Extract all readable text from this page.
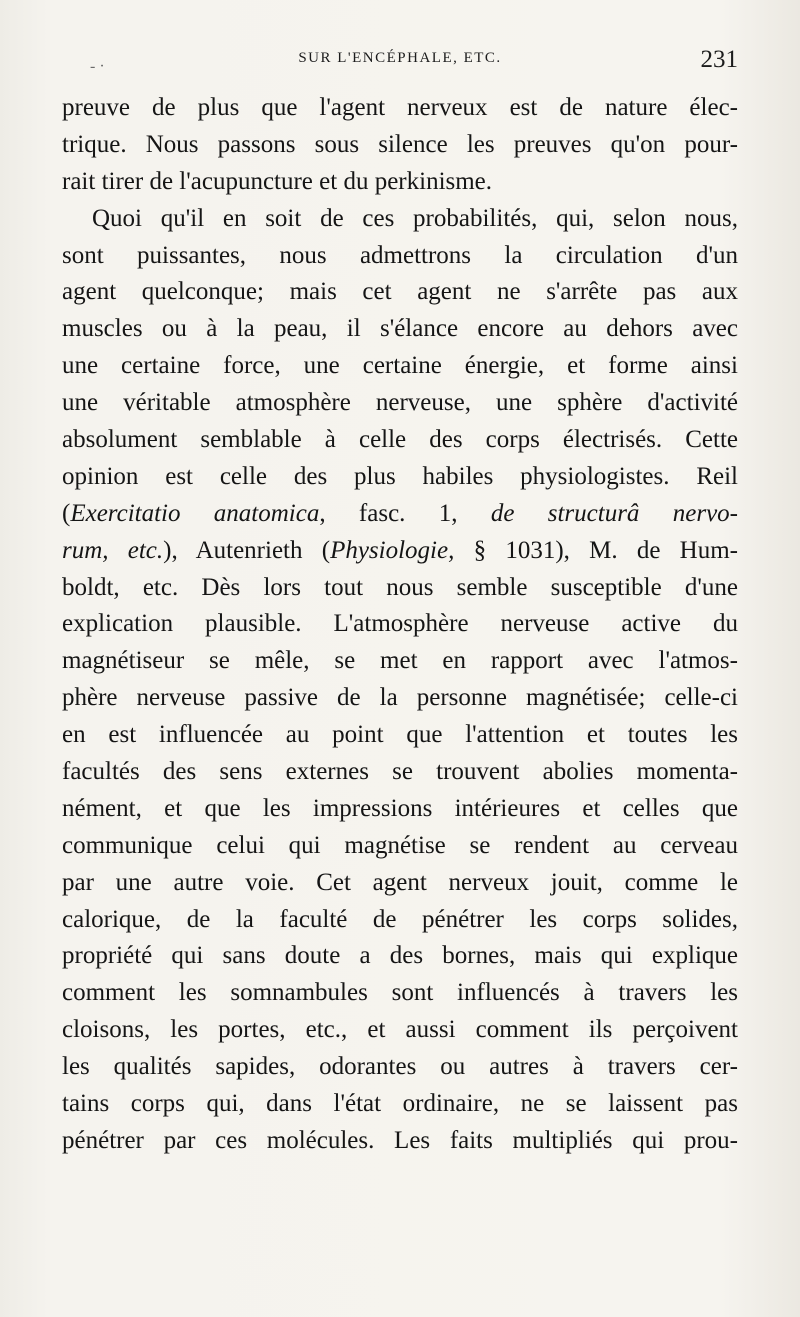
- ·	SUR L'ENCÉPHALE, ETC.	231
preuve de plus que l'agent nerveux est de nature élec-
trique. Nous passons sous silence les preuves qu'on pour-
rait tirer de l'acupuncture et du perkinisme.
Quoi qu'il en soit de ces probabilités, qui, selon nous,
sont puissantes, nous admettrons la circulation d'un
agent quelconque; mais cet agent ne s'arrête pas aux
muscles ou à la peau, il s'élance encore au dehors avec
une certaine force, une certaine énergie, et forme ainsi
une véritable atmosphère nerveuse, une sphère d'activité
absolument semblable à celle des corps électrisés. Cette
opinion est celle des plus habiles physiologistes. Reil
(Exercitatio anatomica, fasc. 1, de structurâ nervo-
rum, etc.), Autenrieth (Physiologie, § 1031), M. de Hum-
boldt, etc. Dès lors tout nous semble susceptible d'une
explication plausible. L'atmosphère nerveuse active du
magnétiseur se mêle, se met en rapport avec l'atmos-
phère nerveuse passive de la personne magnétisée; celle-ci
en est influencée au point que l'attention et toutes les
facultés des sens externes se trouvent abolies momenta-
nément, et que les impressions intérieures et celles que
communique celui qui magnétise se rendent au cerveau
par une autre voie. Cet agent nerveux jouit, comme le
calorique, de la faculté de pénétrer les corps solides,
propriété qui sans doute a des bornes, mais qui explique
comment les somnambules sont influencés à travers les
cloisons, les portes, etc., et aussi comment ils perçoivent
les qualités sapides, odorantes ou autres à travers cer-
tains corps qui, dans l'état ordinaire, ne se laissent pas
pénétrer par ces molécules. Les faits multipliés qui prou-
